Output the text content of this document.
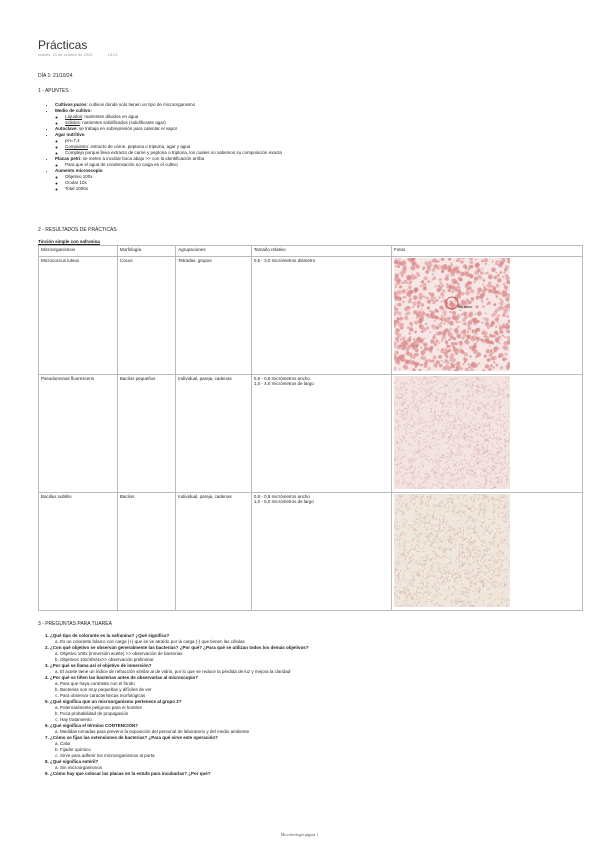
Prácticas
martes, 15 de octubre de 2024	18:01
DÍA 1: 21/10/24
1 - APUNTES
• Cultivos puros: cultivos donde solo tienen un tipo de microorganismo
• Medio de cultivo:
◦ Líquidos: nutrientes diluidos en agua
◦ Sólidos: nutrientes solidificados (solidificante agar)
• Autoclave: se trabaja en sobrepresión para calentar el vapor
• Agar nutritivo
◦ pH=7,4
◦ Compuesto: extracto de carne, peptona o triptona, agar y agua
◦ Complejo porque lleva extracto de carne y peptona o triptona, los cuales no sabemos su composición exacta
• Placas petri: se meten a incubar boca abajo >> con la identificación arriba
◦ Para que el agua de condensación no caiga en el cultivo
• Aumento microscopio
◦ Objetivo 100x
◦ Ocular 10x
◦ Total 1000x
2 - RESULTADOS DE PRÁCTICAS
Tinción simple con safranina
Microorganismos	Morfología	Agrupaciones	Tamaño relativo	Fotos
Micrococcus luteus	Cocos	Tetradas, grupos	0,5 - 3,0 micrómetros diámetro	Tetradas

Pseudomonas fluorescens	Bacilos pequeños	Individual, pareja, cadenas	0,5 - 0,8 micrómetros ancho
1,0 - 4,0 micrómetros de largo

Bacillus subtilis	Bacilos	Individual, pareja, cadenas	0,5 - 0,8 micrómetros ancho
1,0 - 5,0 micrómetros de largo

3 - PREGUNTAS PARA TUAREA
1. ¿Qué tipo de colorante es la safranina? ¿Qué significa?
a. Es un colorante básico con carga (+) que se ve atraído por la carga (-) que tienen las células
2. ¿Con qué objetivo se observan generalmente las bacterias? ¿Por qué? ¿Para qué se utilizan todos los demás objetivos?
a. Objetivo 100x (inmersión aceite) >> observación de bacterias
b. Objetivos 10x/40x/4x>> observación preliminar
3. ¿Por qué se llama así el objetivo de inmersión?
a. El aceite tiene un índice de refracción similar al de vidrio, por lo que se reduce la pérdida de luz y mejora la claridad
4. ¿Por qué se tiñen las bacterias antes de observarlas al microscopio?
a. Para que haya contraste con el fondo
b. Bacterias son muy pequeñas y difíciles de ver
c. Para observar características morfológicas
5. ¿Qué significa que un microorganismo pertenece al grupo 2?
a. Potencialmente peligroso para el hombre
b. Poca probabilidad de propagación
c. Hay tratamiento
6. ¿Qué significa el término CONTENCIÓN?
a. Medidas tomadas para prevenir la exposición del personal de laboratorio y del medio ambiente
7. ¿Cómo se fijan las extensiones de bacterias? ¿Para qué sirve este operación?
a. Calor
b. Fijador químico
c. Sirve para adherir los microorganismos al porta
8. ¿Qué significa estéril?
a. Sin microorganismos
9. ¿Cómo hay que colocar las placas en la estufa para incubarlas? ¿Por qué?
Microbiología página 1
